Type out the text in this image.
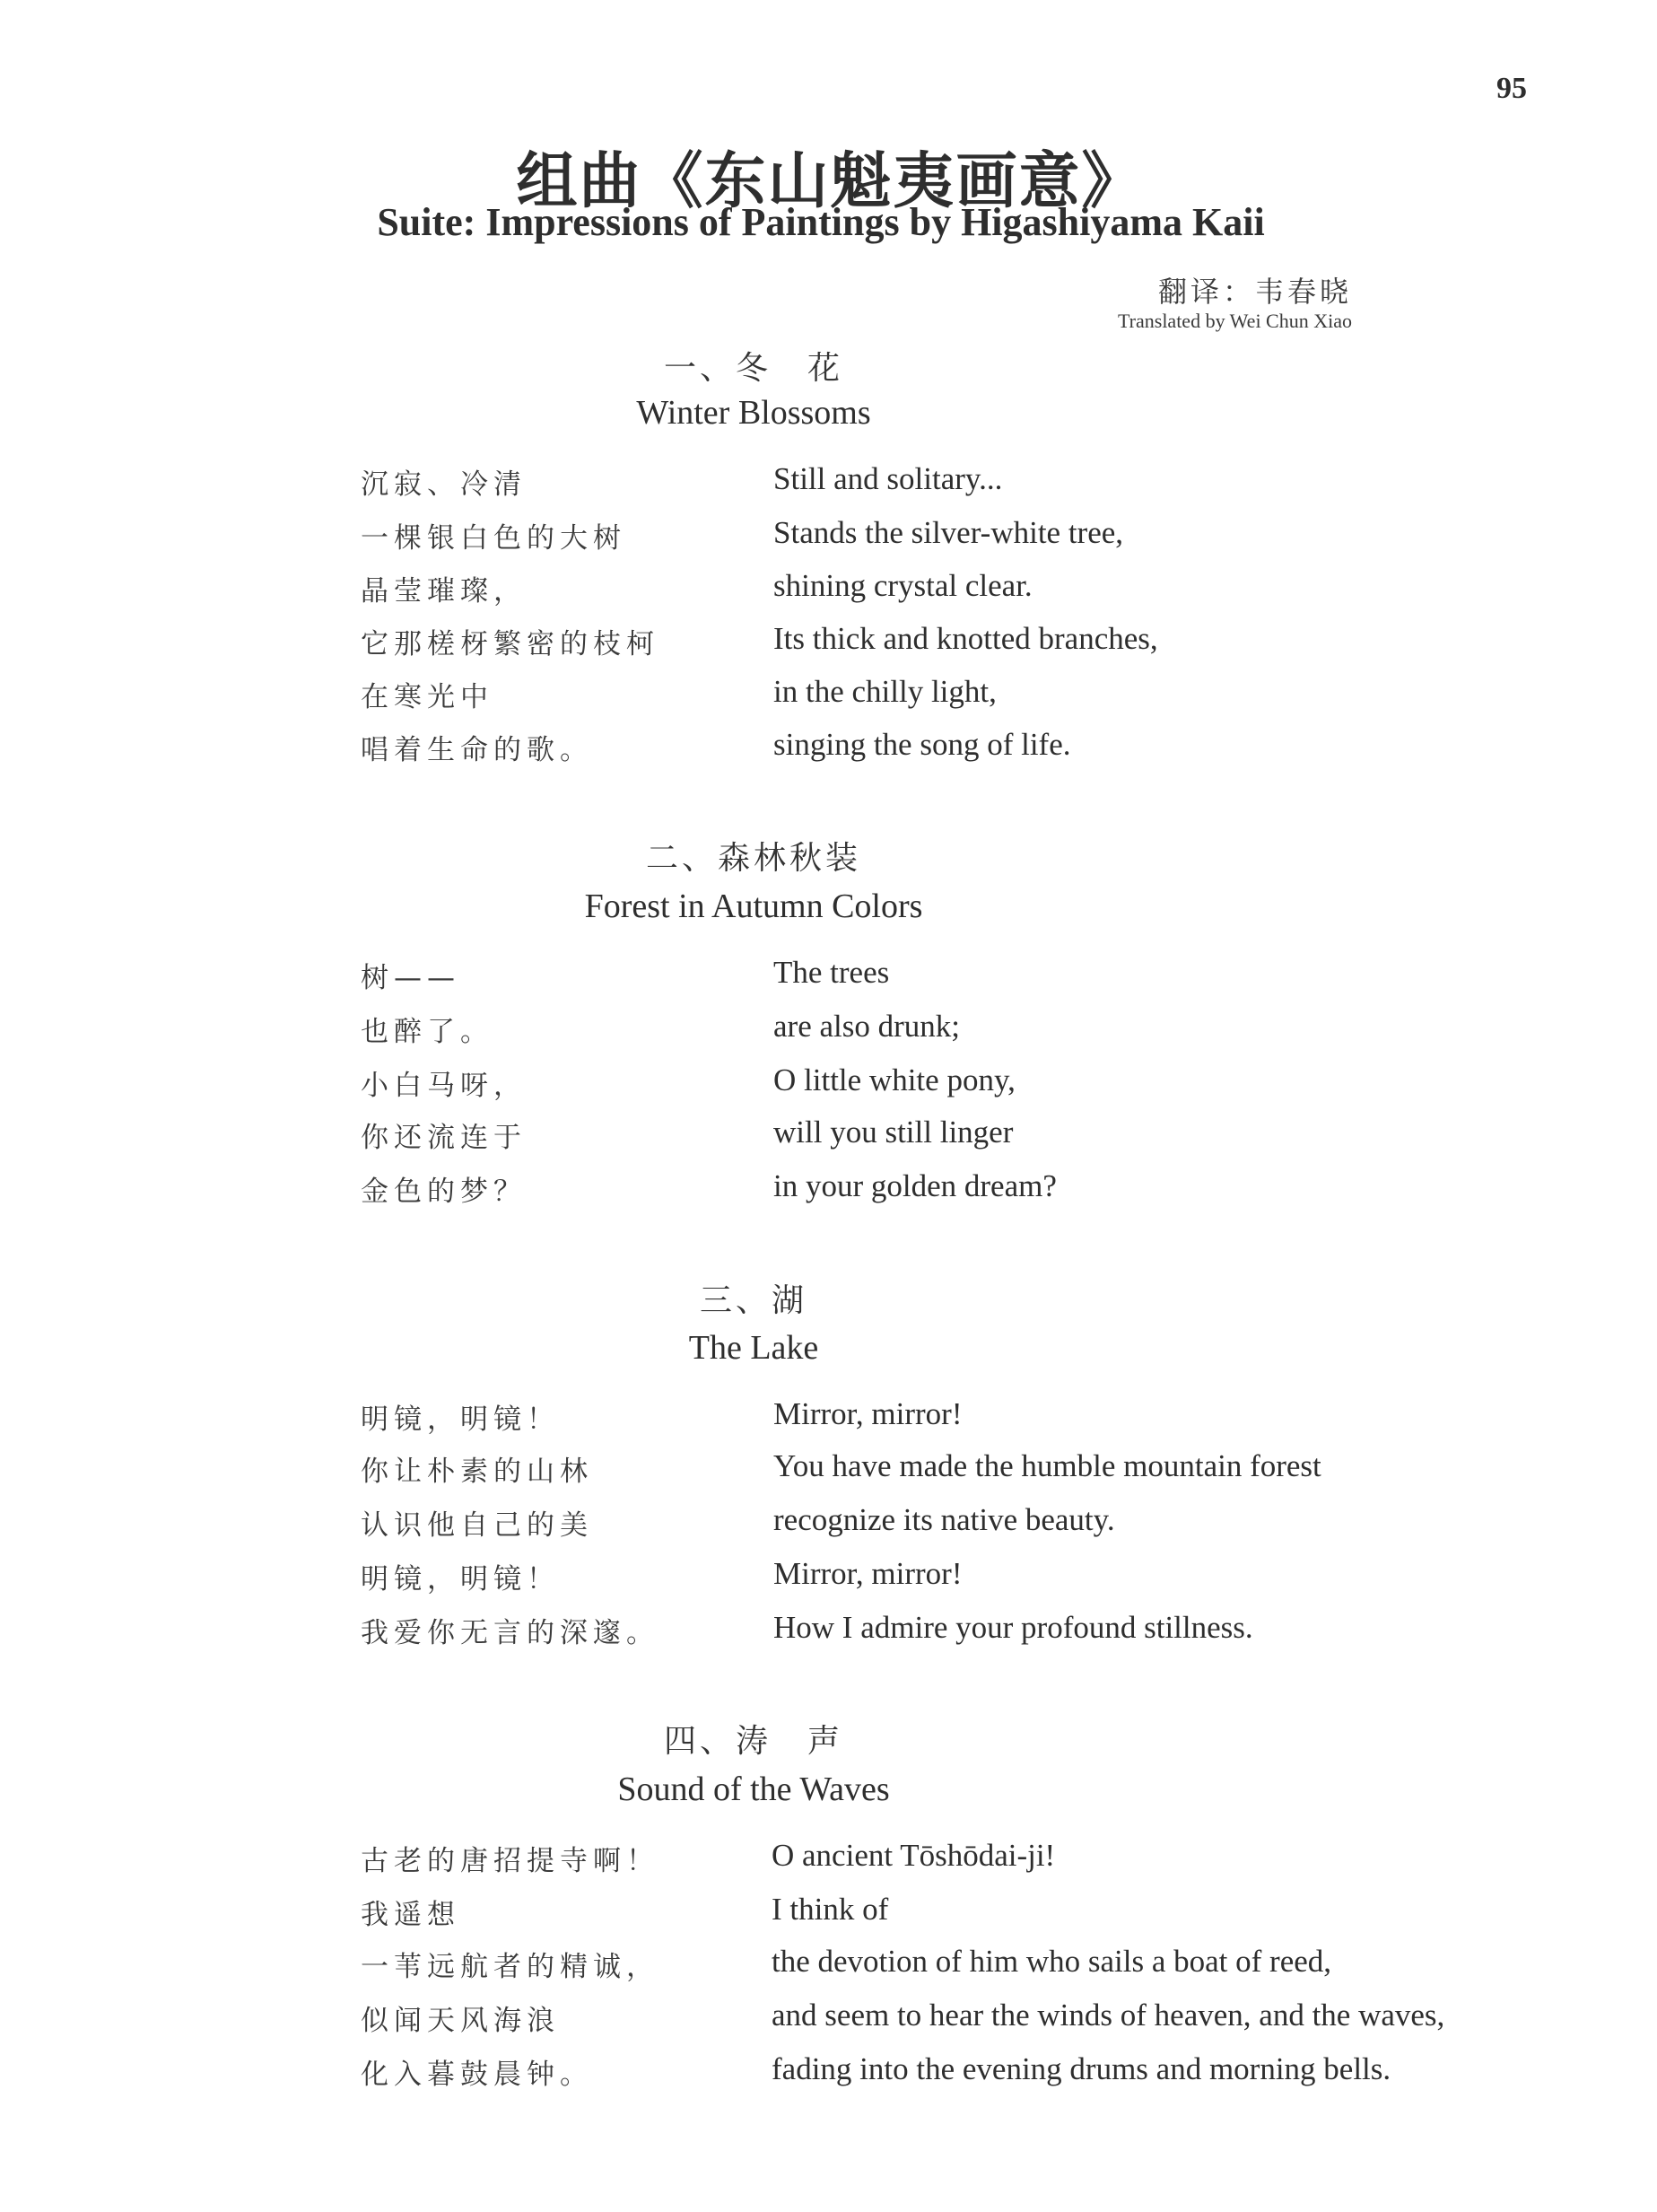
95
组曲《东山魁夷画意》
Suite: Impressions of Paintings by Higashiyama Kaii
翻译：韦春晓
Translated by Wei Chun Xiao
一、冬　花
Winter Blossoms
沉寂、冷清	Still and solitary...
一棵银白色的大树	Stands the silver-white tree,
晶莹璀璨，	shining crystal clear.
它那槎枒繁密的枝柯	Its thick and knotted branches,
在寒光中	in the chilly light,
唱着生命的歌。	singing the song of life.
二、森林秋装
Forest in Autumn Colors
树——	The trees
也醉了。	are also drunk;
小白马呀，	O little white pony,
你还流连于	will you still linger
金色的梦？	in your golden dream?
三、湖
The Lake
明镜，明镜！	Mirror, mirror!
你让朴素的山林	You have made the humble mountain forest
认识他自己的美	recognize its native beauty.
明镜，明镜！	Mirror, mirror!
我爱你无言的深邃。	How I admire your profound stillness.
四、涛　声
Sound of the Waves
古老的唐招提寺啊！	O ancient Tōshōdai-ji!
我遥想	I think of
一苇远航者的精诚，	the devotion of him who sails a boat of reed,
似闻天风海浪	and seem to hear the winds of heaven, and the waves,
化入暮鼓晨钟。	fading into the evening drums and morning bells.
